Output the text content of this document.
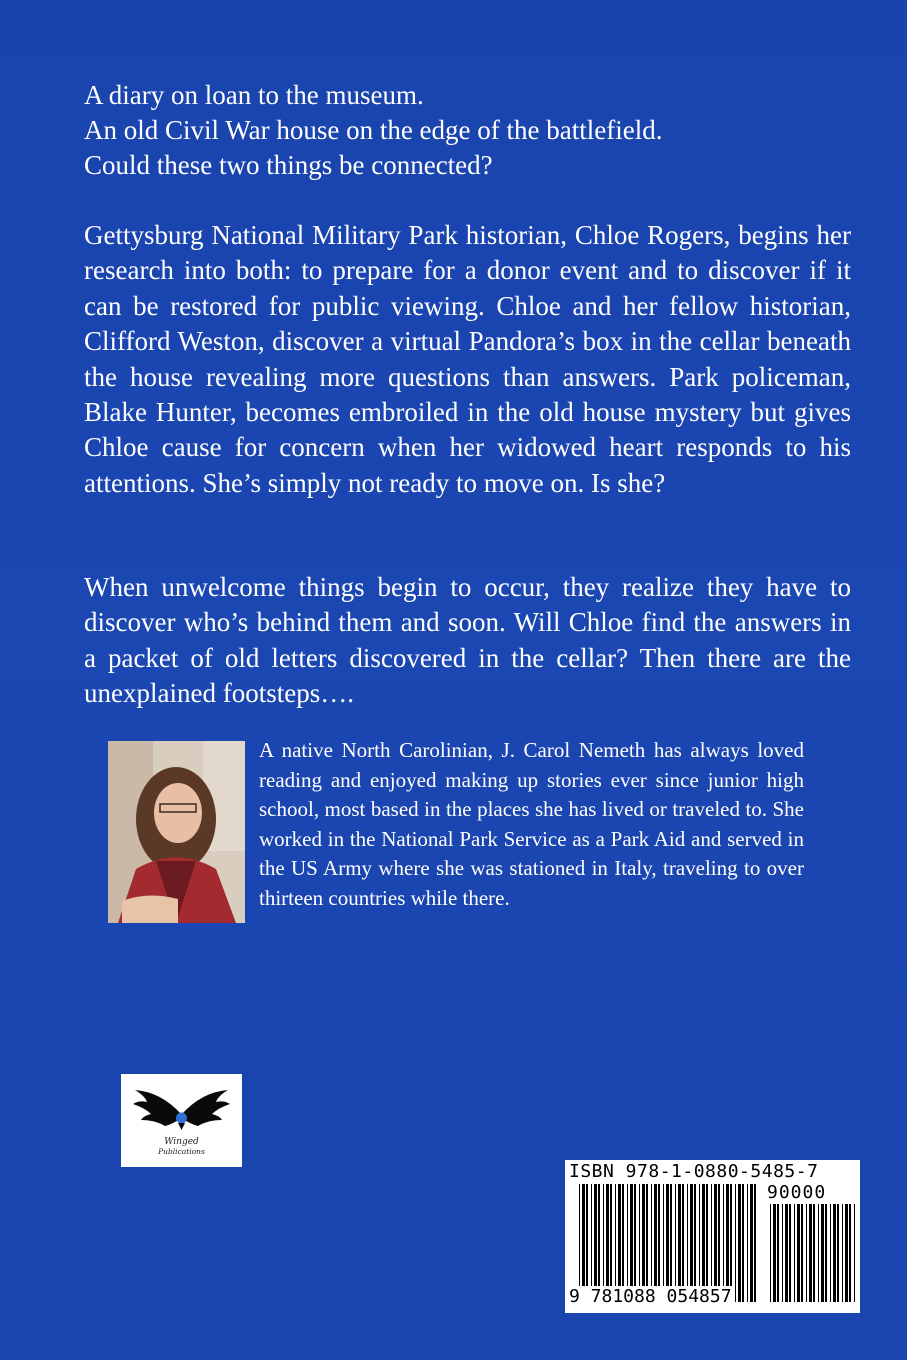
A diary on loan to the museum.
An old Civil War house on the edge of the battlefield.
Could these two things be connected?
Gettysburg National Military Park historian, Chloe Rogers, begins her research into both: to prepare for a donor event and to discover if it can be restored for public viewing. Chloe and her fellow historian, Clifford Weston, discover a virtual Pandora’s box in the cellar beneath the house revealing more questions than answers. Park policeman, Blake Hunter, becomes embroiled in the old house mystery but gives Chloe cause for concern when her widowed heart responds to his attentions. She’s simply not ready to move on. Is she?
When unwelcome things begin to occur, they realize they have to discover who’s behind them and soon. Will Chloe find the answers in a packet of old letters discovered in the cellar? Then there are the unexplained footsteps….
A native North Carolinian, J. Carol Nemeth has always loved reading and enjoyed making up stories ever since junior high school, most based in the places she has lived or traveled to. She worked in the National Park Service as a Park Aid and served in the US Army where she was stationed in Italy, traveling to over thirteen countries while there.
Winged
Publications
ISBN 978-1-0880-5485-7
90000
9 781088 054857
